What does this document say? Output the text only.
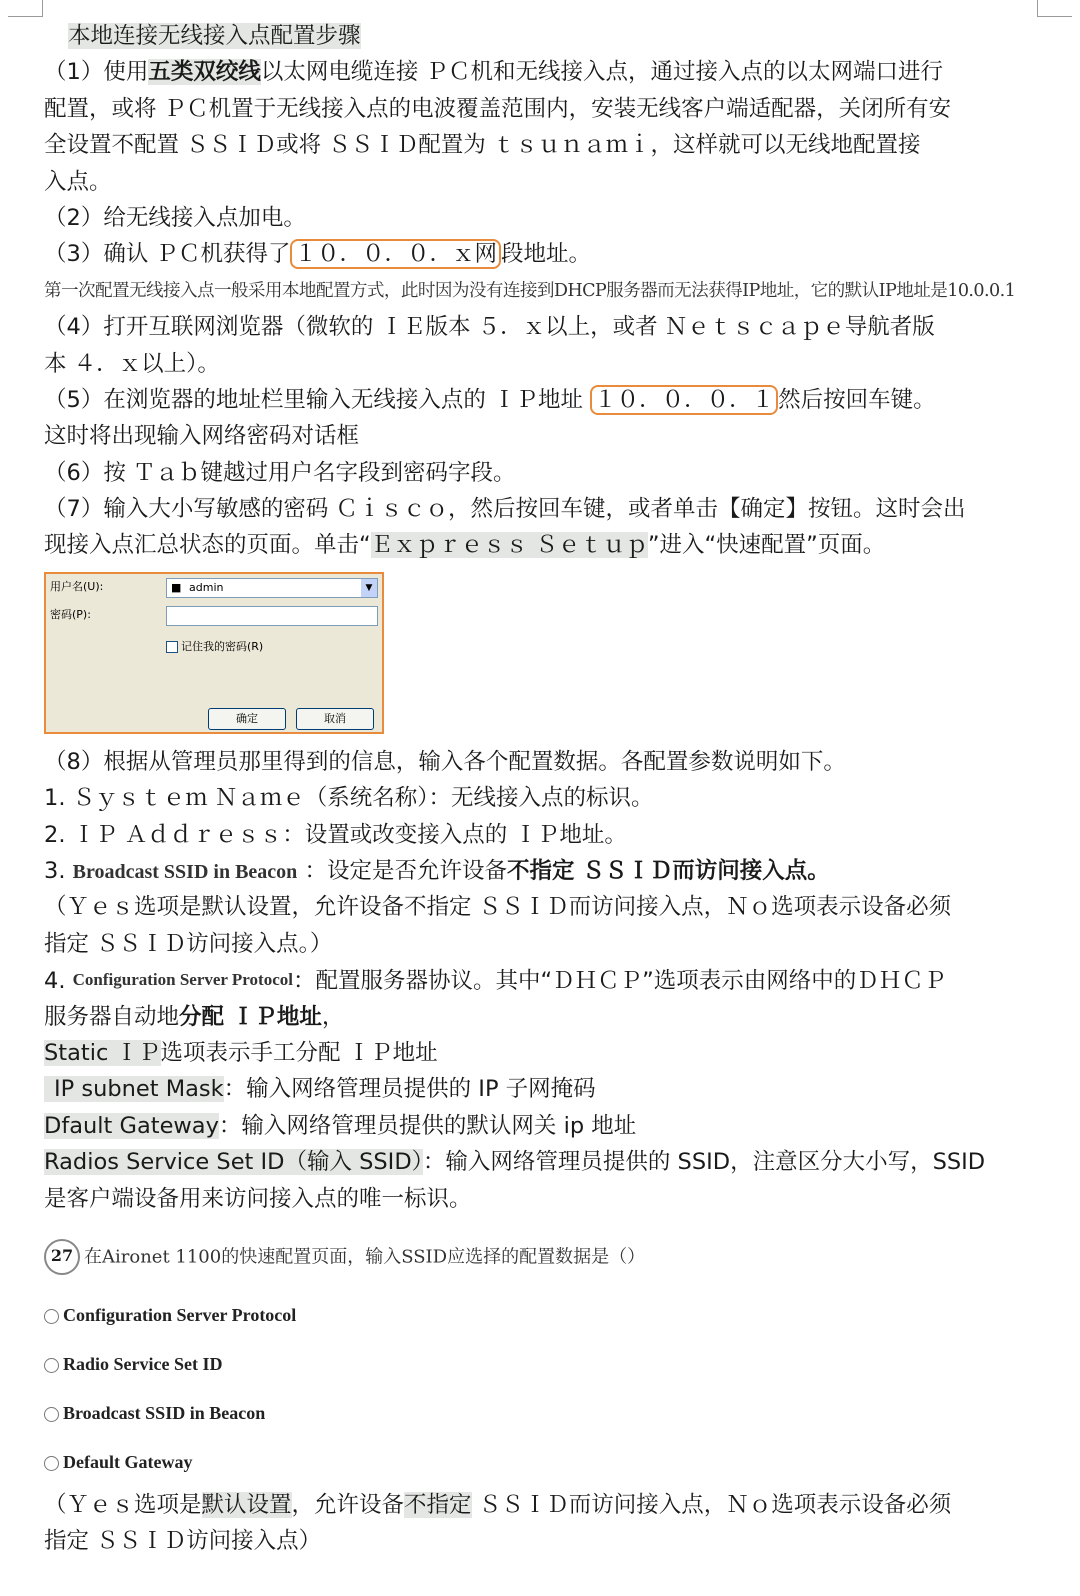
本地连接无线接入点配置步骤
（1）使用五类双绞线以太网电缆连接 ＰＣ机和无线接入点，通过接入点的以太网端口进行
配置，或将 ＰＣ机置于无线接入点的电波覆盖范围内，安装无线客户端适配器，关闭所有安
全设置不配置 ＳＳＩＤ或将 ＳＳＩＤ配置为 ｔｓｕｎａｍｉ，这样就可以无线地配置接
入点。
（2）给无线接入点加电。
（3）确认 ＰＣ机获得了 １０．０．０．ｘ网 段地址。
第一次配置无线接入点一般采用本地配置方式，此时因为没有连接到DHCP服务器而无法获得IP地址，它的默认IP地址是10.0.0.1
（4）打开互联网浏览器（微软的 ＩＥ版本 ５．ｘ以上，或者 Ｎｅｔｓｃａｐｅ导航者版
本 ４．ｘ以上）。
（5）在浏览器的地址栏里输入无线接入点的 ＩＰ地址 １０．０．０．１ 然后按回车键。
这时将出现输入网络密码对话框
（6）按 Ｔａｂ键越过用户名字段到密码字段。
（7）输入大小写敏感的密码 Ｃｉｓｃｏ，然后按回车键，或者单击【确定】按钮。这时会出
现接入点汇总状态的页面。单击“Ｅｘｐｒｅｓｓ Ｓｅｔｕｐ”进入“快速配置”页面。
用户名(U):
密码(P):
■ admin	▼
记住我的密码(R)
确定	取消
（8）根据从管理员那里得到的信息，输入各个配置数据。各配置参数说明如下。
1. Ｓｙｓｔｅｍ Ｎａｍｅ（系统名称）：无线接入点的标识。
2. ＩＰ Ａｄｄｒｅｓｓ：设置或改变接入点的 ＩＰ地址。
3. Broadcast SSID in Beacon ：设定是否允许设备不指定 ＳＳＩＤ而访问接入点。
（Ｙｅｓ选项是默认设置，允许设备不指定 ＳＳＩＤ而访问接入点，Ｎｏ选项表示设备必须
指定 ＳＳＩＤ访问接入点。）
4. Configuration Server Protocol：配置服务器协议。其中“ＤＨＣＰ”选项表示由网络中的ＤＨＣＰ
服务器自动地分配 ＩＰ地址，
Static ＩＰ选项表示手工分配 ＩＰ地址
IP subnet Mask：输入网络管理员提供的 IP 子网掩码
Dfault Gateway：输入网络管理员提供的默认网关 ip 地址
Radios Service Set ID（输入 SSID）：输入网络管理员提供的 SSID，注意区分大小写，SSID
是客户端设备用来访问接入点的唯一标识。
27 在Aironet 1100的快速配置页面，输入SSID应选择的配置数据是（）
Configuration Server Protocol
Radio Service Set ID
Broadcast SSID in Beacon
Default Gateway
（Ｙｅｓ选项是默认设置，允许设备不指定 ＳＳＩＤ而访问接入点，Ｎｏ选项表示设备必须
指定 ＳＳＩＤ访问接入点）
